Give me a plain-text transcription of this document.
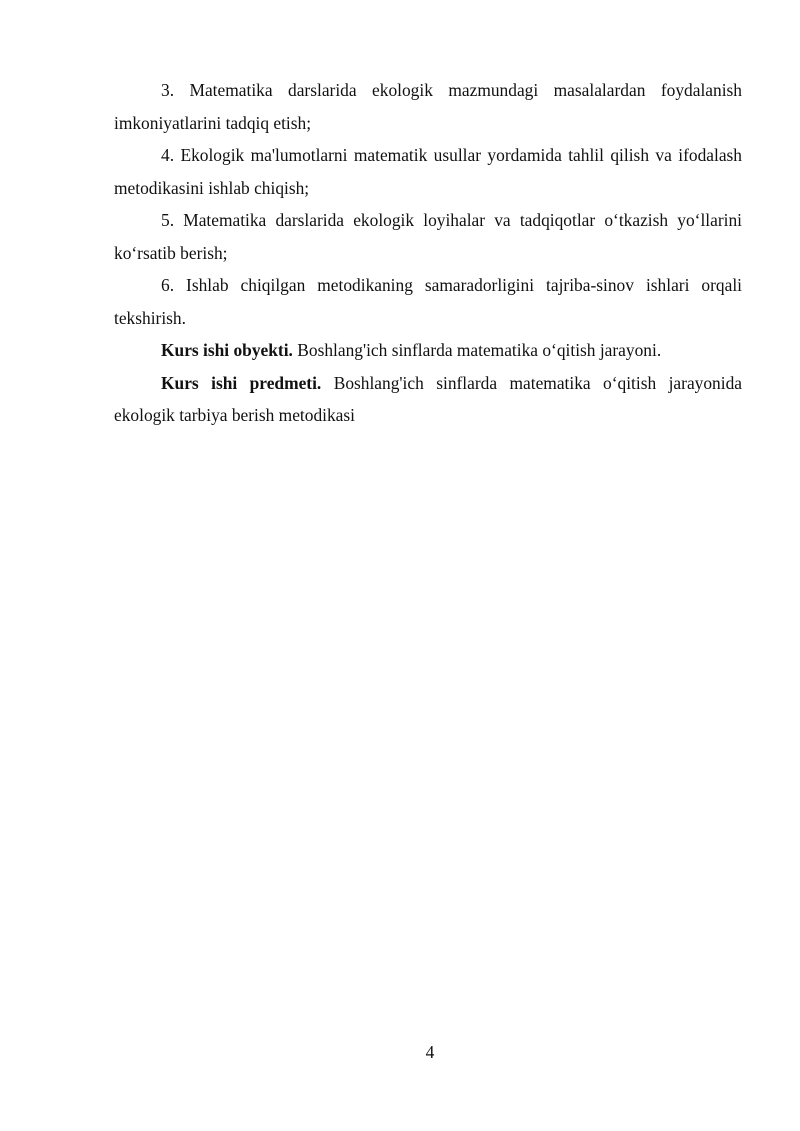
3. Matematika darslarida ekologik mazmundagi masalalardan foydalanish imkoniyatlarini tadqiq etish;

4. Ekologik ma'lumotlarni matematik usullar yordamida tahlil qilish va ifodalash metodikasini ishlab chiqish;

5. Matematika darslarida ekologik loyihalar va tadqiqotlar o‘tkazish yo‘llarini ko‘rsatib berish;

6. Ishlab chiqilgan metodikaning samaradorligini tajriba-sinov ishlari orqali tekshirish.

Kurs ishi obyekti. Boshlang'ich sinflarda matematika o‘qitish jarayoni.

Kurs ishi predmeti. Boshlang'ich sinflarda matematika o‘qitish jarayonida ekologik tarbiya berish metodikasi

4
